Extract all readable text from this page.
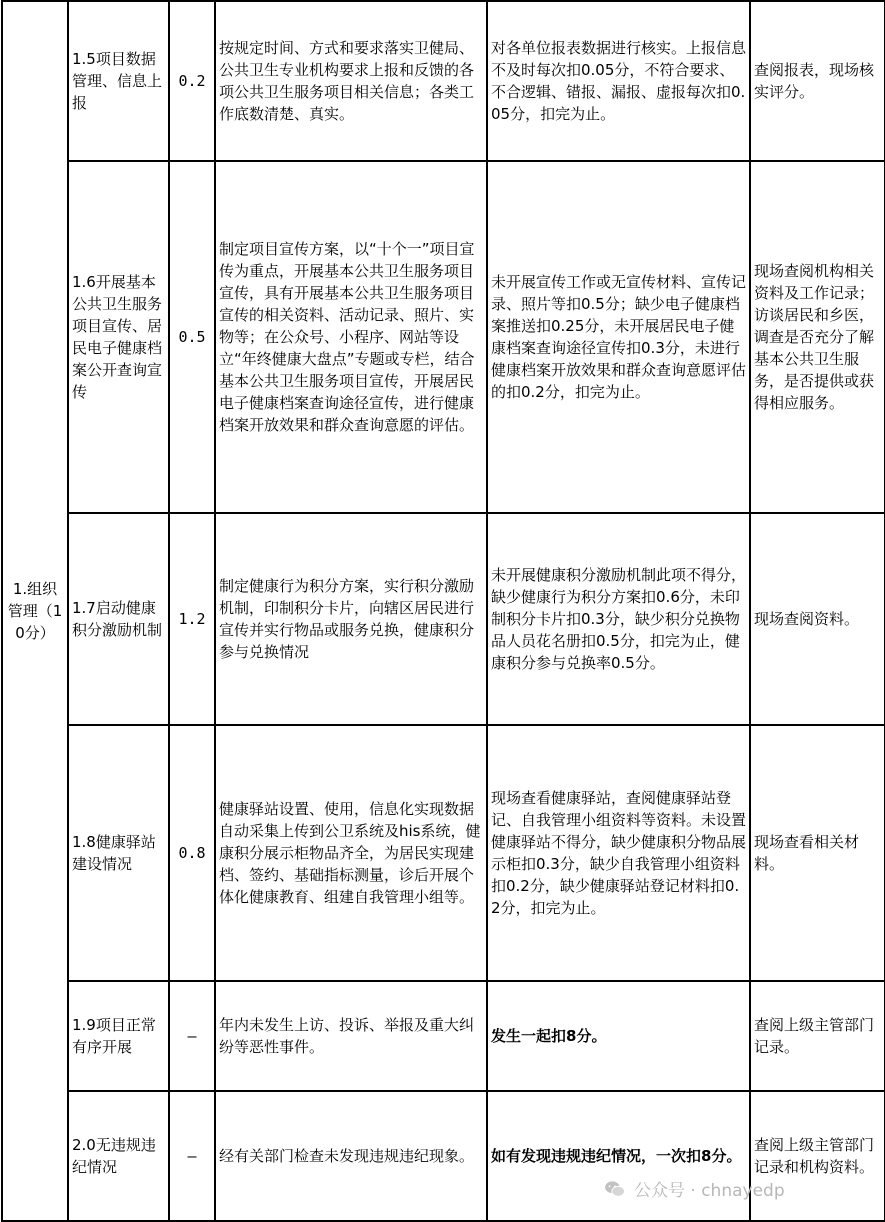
1.组织管理（10分）	1.5项目数据管理、信息上报	0.2	按规定时间、方式和要求落实卫健局、公共卫生专业机构要求上报和反馈的各项公共卫生服务项目相关信息；各类工作底数清楚、真实。	对各单位报表数据进行核实。上报信息不及时每次扣0.05分，不符合要求、不合逻辑、错报、漏报、虚报每次扣0.05分，扣完为止。	查阅报表，现场核实评分。
	1.6开展基本公共卫生服务项目宣传、居民电子健康档案公开查询宣传	0.5	制定项目宣传方案，以“十个一”项目宣传为重点，开展基本公共卫生服务项目宣传，具有开展基本公共卫生服务项目宣传的相关资料、活动记录、照片、实物等；在公众号、小程序、网站等设立“年终健康大盘点”专题或专栏，结合基本公共卫生服务项目宣传，开展居民电子健康档案查询途径宣传，进行健康档案开放效果和群众查询意愿的评估。	未开展宣传工作或无宣传材料、宣传记录、照片等扣0.5分；缺少电子健康档案推送扣0.25分，未开展居民电子健康档案查询途径宣传扣0.3分，未进行健康档案开放效果和群众查询意愿评估的扣0.2分，扣完为止。	现场查阅机构相关资料及工作记录；访谈居民和乡医，调查是否充分了解基本公共卫生服务，是否提供或获得相应服务。
	1.7启动健康积分激励机制	1.2	制定健康行为积分方案，实行积分激励机制，印制积分卡片，向辖区居民进行宣传并实行物品或服务兑换，健康积分参与兑换情况	未开展健康积分激励机制此项不得分，缺少健康行为积分方案扣0.6分，未印制积分卡片扣0.3分，缺少积分兑换物品人员花名册扣0.5分，扣完为止，健康积分参与兑换率0.5分。	现场查阅资料。
	1.8健康驿站建设情况	0.8	健康驿站设置、使用，信息化实现数据自动采集上传到公卫系统及his系统，健康积分展示柜物品齐全，为居民实现建档、签约、基础指标测量，诊后开展个体化健康教育、组建自我管理小组等。	现场查看健康驿站，查阅健康驿站登记、自我管理小组资料等资料。未设置健康驿站不得分，缺少健康积分物品展示柜扣0.3分，缺少自我管理小组资料扣0.2分，缺少健康驿站登记材料扣0.2分，扣完为止。	现场查看相关材料。
	1.9项目正常有序开展	—	年内未发生上访、投诉、举报及重大纠纷等恶性事件。	发生一起扣8分。	查阅上级主管部门记录。
	2.0无违规违纪情况	—	经有关部门检查未发现违规违纪现象。	如有发现违规违纪情况，一次扣8分。	查阅上级主管部门记录和机构资料。
公众号 · chnayedp
